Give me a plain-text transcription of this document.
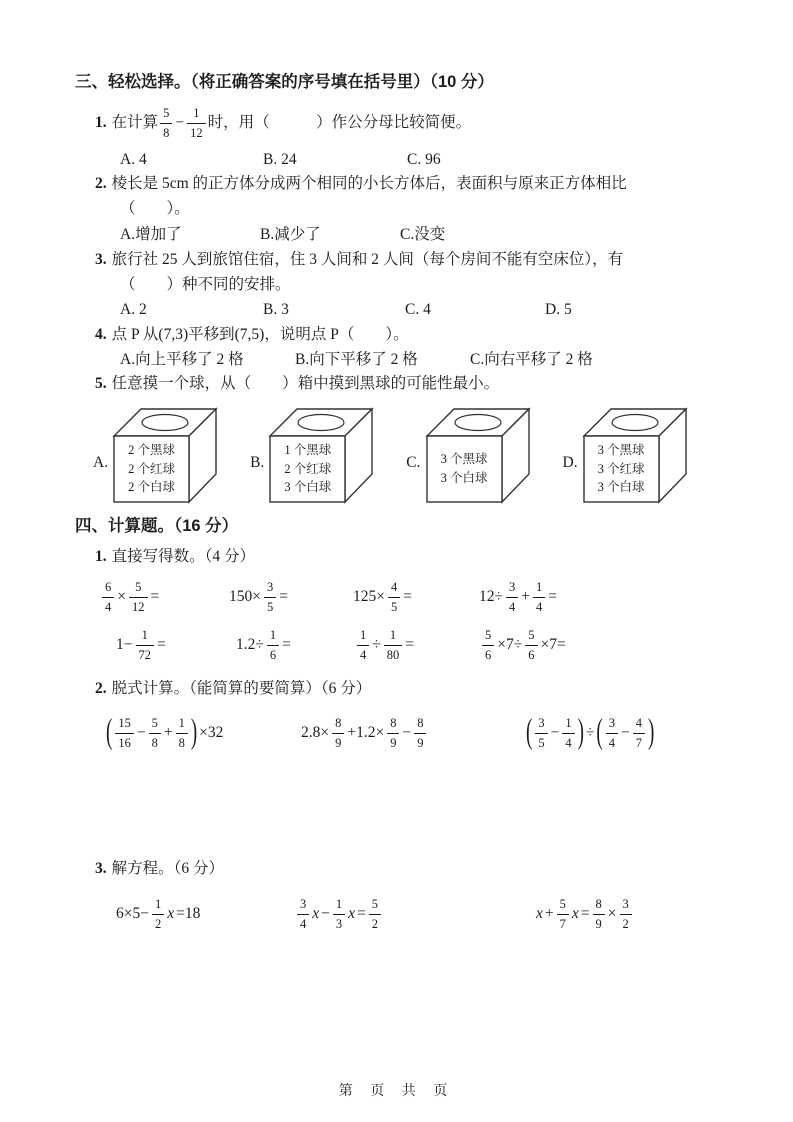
三、轻松选择。（将正确答案的序号填在括号里）（10 分）
1. 在计算 $\frac{5}{8} - \frac{1}{12}$ 时，用（　　　）作公分母比较简便。
A. 4	B. 24	C. 96
2. 棱长是 5cm 的正方体分成两个相同的小长方体后，表面积与原来正方体相比
（　　）。
A.增加了	B.减少了	C.没变
3. 旅行社 25 人到旅馆住宿，住 3 人间和 2 人间（每个房间不能有空床位），有
（　　）种不同的安排。
A. 2	B. 3	C. 4	D. 5
4. 点 P 从(7,3)平移到(7,5)，说明点 P（　　）。
A.向上平移了 2 格	B.向下平移了 2 格	C.向右平移了 2 格
5. 任意摸一个球，从（　　）箱中摸到黑球的可能性最小。
A.
2 个黑球
2 个红球
2 个白球
B.
1 个黑球
2 个红球
3 个白球
C. 3 个黑球
3 个白球
D.
3 个黑球
3 个红球
3 个白球
四、计算题。（16 分）
1. 直接写得数。（4 分）
$\frac{6}{4} \times \frac{5}{12}$ =	$150\times \frac{3}{5}$ =	$125\times \frac{4}{5}$ =	$12\div \frac{3}{4} + \frac{1}{4}$ =
$1- \frac{1}{72}$ =	$1.2\div \frac{1}{6}$ =	$\frac{1}{4} \div \frac{1}{80}$ =	$\frac{5}{6} \times 7\div \frac{5}{6} \times 7=$
2. 脱式计算。（能简算的要简算）（6 分）
( $\frac{15}{16} - \frac{5}{8} + \frac{1}{8}$ ) ×32	$2.8\times \frac{8}{9} +1.2\times \frac{8}{9} - \frac{8}{9}$	( $\frac{3}{5} - \frac{1}{4}$ ) ÷ ( $\frac{3}{4} - \frac{4}{7}$ )
3. 解方程。（6 分）
$6\times 5- \frac{1}{2}$ x =18	$\frac{3}{4}$ $x - \frac{1}{3}$ $x = \frac{5}{2}$	$x + \frac{5}{7}$ $x = \frac{8}{9} \times \frac{3}{2}$
第 页 共 页
